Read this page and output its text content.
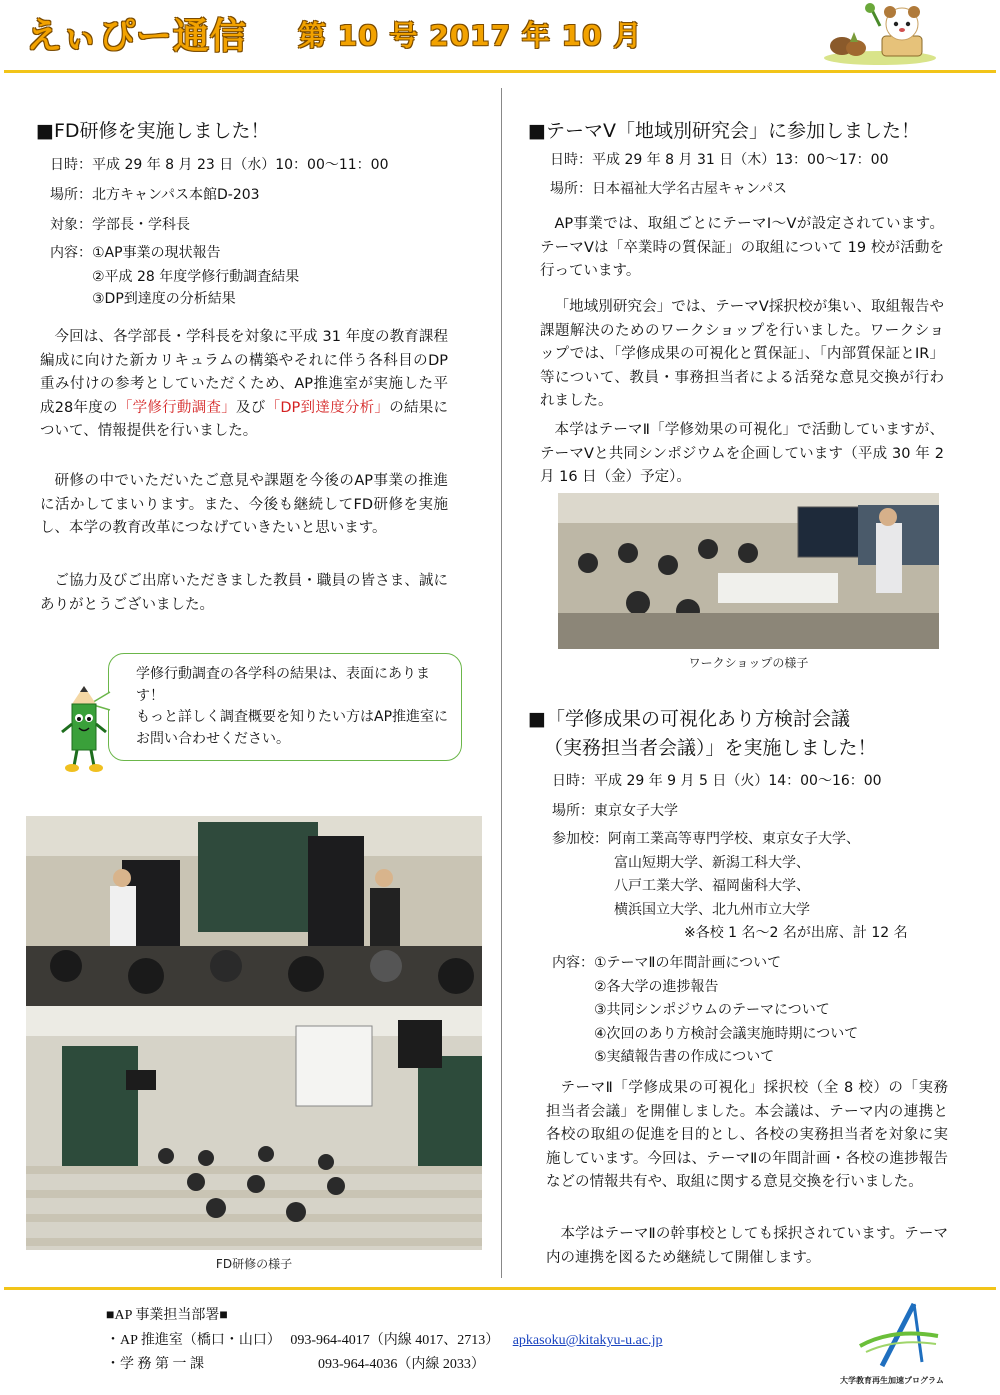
えぃぴー通信 第 10 号 2017 年 10 月
■FD研修を実施しました！
日時：平成 29 年 8 月 23 日（水）10：00～11：00
場所：北方キャンパス本館D-203
対象：学部長・学科長
内容：①AP事業の現状報告
②平成 28 年度学修行動調査結果
③DP到達度の分析結果
今回は、各学部長・学科長を対象に平成 31 年度の教育課程編成に向けた新カリキュラムの構築やそれに伴う各科目のDP重み付けの参考としていただくため、AP推進室が実施した平成28年度の「学修行動調査」及び「DP到達度分析」の結果について、情報提供を行いました。
研修の中でいただいたご意見や課題を今後のAP事業の推進に活かしてまいります。また、今後も継続してFD研修を実施し、本学の教育改革につなげていきたいと思います。
ご協力及びご出席いただきました教員・職員の皆さま、誠にありがとうございました。
学修行動調査の各学科の結果は、表面にあります！
もっと詳しく調査概要を知りたい方はAP推進室にお問い合わせください。
FD研修の様子
■テーマⅤ「地域別研究会」に参加しました！
日時：平成 29 年 8 月 31 日（木）13：00～17：00
場所：日本福祉大学名古屋キャンパス
AP事業では、取組ごとにテーマⅠ～Ⅴが設定されています。テーマⅤは「卒業時の質保証」の取組について 19 校が活動を行っています。
「地域別研究会」では、テーマⅤ採択校が集い、取組報告や課題解決のためのワークショップを行いました。ワークショップでは、「学修成果の可視化と質保証」、「内部質保証とIR」等について、教員・事務担当者による活発な意見交換が行われました。
本学はテーマⅡ「学修効果の可視化」で活動していますが、テーマⅤと共同シンポジウムを企画しています（平成 30 年 2 月 16 日（金）予定）。
ワークショップの様子
■「学修成果の可視化あり方検討会議
（実務担当者会議）」を実施しました！
日時：平成 29 年 9 月 5 日（火）14：00～16：00
場所：東京女子大学
参加校：阿南工業高等専門学校、東京女子大学、
富山短期大学、新潟工科大学、
八戸工業大学、福岡歯科大学、
横浜国立大学、北九州市立大学
※各校 1 名～2 名が出席、計 12 名
内容：①テーマⅡの年間計画について
②各大学の進捗報告
③共同シンポジウムのテーマについて
④次回のあり方検討会議実施時期について
⑤実績報告書の作成について
テーマⅡ「学修成果の可視化」採択校（全 8 校）の「実務担当者会議」を開催しました。本会議は、テーマ内の連携と各校の取組の促進を目的とし、各校の実務担当者を対象に実施しています。今回は、テーマⅡの年間計画・各校の進捗報告などの情報共有や、取組に関する意見交換を行いました。
本学はテーマⅡの幹事校としても採択されています。テーマ内の連携を図るため継続して開催します。
■AP 事業担当部署■
・AP 推進室（橋口・山口） 093-964-4017（内線 4017、2713） apkasoku@kitakyu-u.ac.jp
・学 務 第 一 課	093-964-4036（内線 2033）
大学教育再生加速プログラム
